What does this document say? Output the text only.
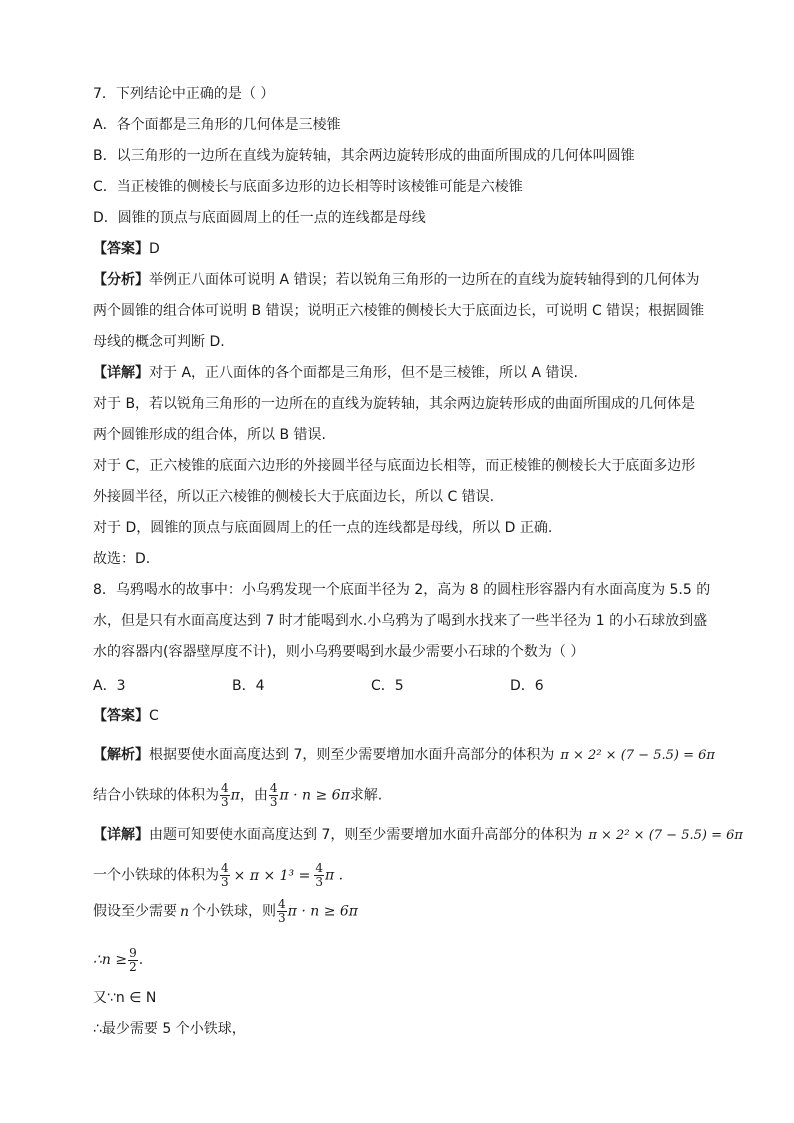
7．下列结论中正确的是（ ）
A．各个面都是三角形的几何体是三棱锥
B．以三角形的一边所在直线为旋转轴，其余两边旋转形成的曲面所围成的几何体叫圆锥
C．当正棱锥的侧棱长与底面多边形的边长相等时该棱锥可能是六棱锥
D．圆锥的顶点与底面圆周上的任一点的连线都是母线
【答案】D
【分析】举例正八面体可说明 A 错误；若以锐角三角形的一边所在的直线为旋转轴得到的几何体为
两个圆锥的组合体可说明 B 错误；说明正六棱锥的侧棱长大于底面边长，可说明 C 错误；根据圆锥
母线的概念可判断 D.
【详解】对于 A，正八面体的各个面都是三角形，但不是三棱锥，所以 A 错误.
对于 B，若以锐角三角形的一边所在的直线为旋转轴，其余两边旋转形成的曲面所围成的几何体是
两个圆锥形成的组合体，所以 B 错误.
对于 C，正六棱锥的底面六边形的外接圆半径与底面边长相等，而正棱锥的侧棱长大于底面多边形
外接圆半径，所以正六棱锥的侧棱长大于底面边长，所以 C 错误.
对于 D，圆锥的顶点与底面圆周上的任一点的连线都是母线，所以 D 正确.
故选：D.
8．乌鸦喝水的故事中：小乌鸦发现一个底面半径为 2，高为 8 的圆柱形容器内有水面高度为 5.5 的
水，但是只有水面高度达到 7 时才能喝到水.小乌鸦为了喝到水找来了一些半径为 1 的小石球放到盛
水的容器内(容器壁厚度不计)，则小乌鸦要喝到水最少需要小石球的个数为（ ）
A．3	B．4	C．5	D．6
【答案】C
【解析】根据要使水面高度达到 7，则至少需要增加水面升高部分的体积为 π × 2² × (7 − 5.5) = 6π
结合小铁球的体积为 $\frac{4}{3}$ π，由 $\frac{4}{3}$ π · n ≥ 6π求解.
【详解】由题可知要使水面高度达到 7，则至少需要增加水面升高部分的体积为 π × 2² × (7 − 5.5) = 6π
一个小铁球的体积为 $\frac{4}{3} \times \pi \times 1^3 = \frac{4}{3}$ π .
假设至少需要 n 个小铁球，则 $\frac{4}{3}$ π · n ≥ 6π
∴n ≥ $\frac{9}{2}$ .
又∵n ∈ N
∴最少需要 5 个小铁球，
